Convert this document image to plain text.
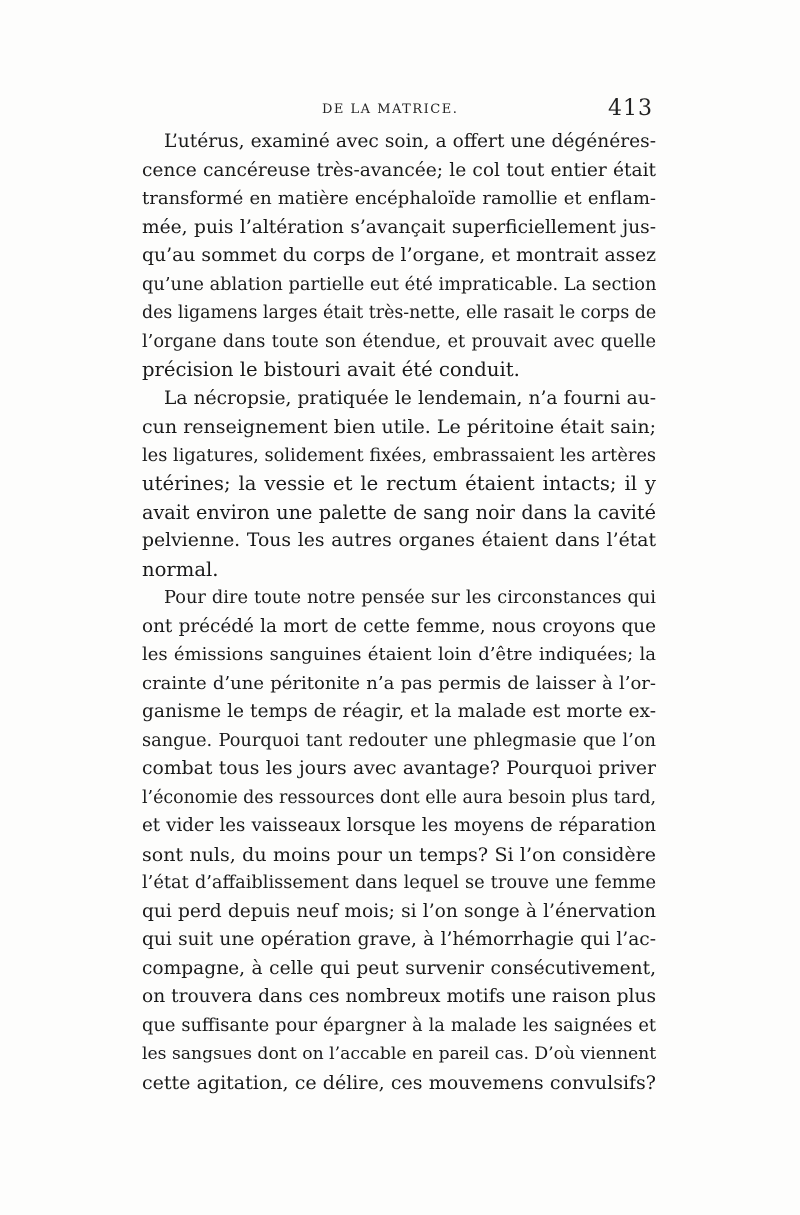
DE LA MATRICE.	413
L’utérus, examiné avec soin, a offert une dégénéres-
cence cancéreuse très-avancée; le col tout entier était
transformé en matière encéphaloïde ramollie et enflam-
mée, puis l’altération s’avançait superficiellement jus-
qu’au sommet du corps de l’organe, et montrait assez
qu’une ablation partielle eut été impraticable. La section
des ligamens larges était très-nette, elle rasait le corps de
l’organe dans toute son étendue, et prouvait avec quelle
précision le bistouri avait été conduit.
La nécropsie, pratiquée le lendemain, n’a fourni au-
cun renseignement bien utile. Le péritoine était sain;
les ligatures, solidement fixées, embrassaient les artères
utérines; la vessie et le rectum étaient intacts; il y
avait environ une palette de sang noir dans la cavité
pelvienne. Tous les autres organes étaient dans l’état
normal.
Pour dire toute notre pensée sur les circonstances qui
ont précédé la mort de cette femme, nous croyons que
les émissions sanguines étaient loin d’être indiquées; la
crainte d’une péritonite n’a pas permis de laisser à l’or-
ganisme le temps de réagir, et la malade est morte ex-
sangue. Pourquoi tant redouter une phlegmasie que l’on
combat tous les jours avec avantage? Pourquoi priver
l’économie des ressources dont elle aura besoin plus tard,
et vider les vaisseaux lorsque les moyens de réparation
sont nuls, du moins pour un temps? Si l’on considère
l’état d’affaiblissement dans lequel se trouve une femme
qui perd depuis neuf mois; si l’on songe à l’énervation
qui suit une opération grave, à l’hémorrhagie qui l’ac-
compagne, à celle qui peut survenir consécutivement,
on trouvera dans ces nombreux motifs une raison plus
que suffisante pour épargner à la malade les saignées et
les sangsues dont on l’accable en pareil cas. D’où viennent
cette agitation, ce délire, ces mouvemens convulsifs?
